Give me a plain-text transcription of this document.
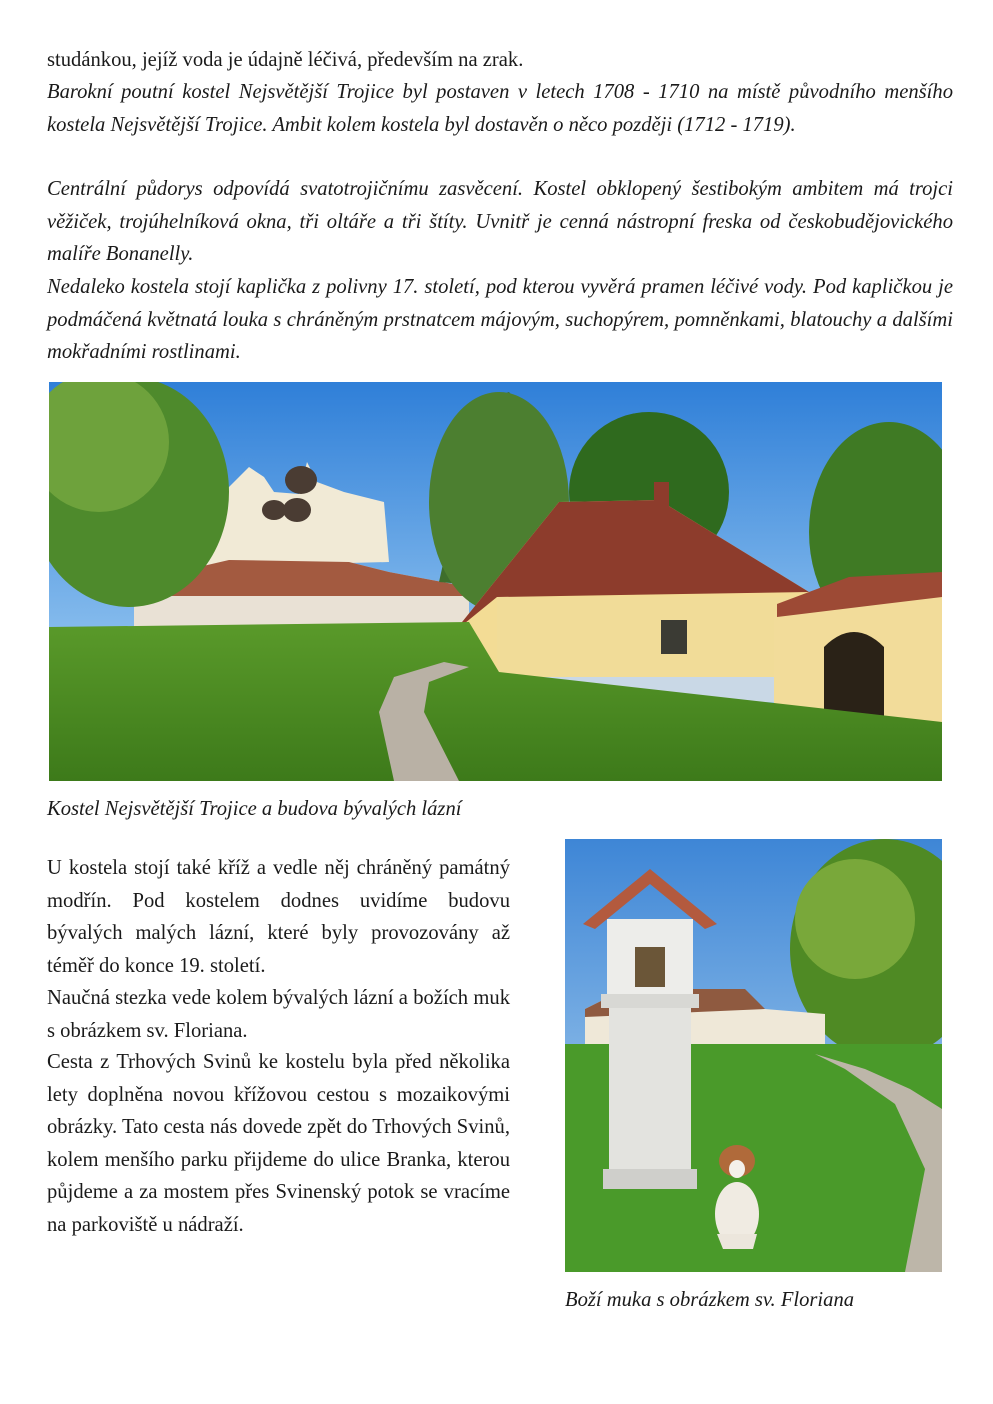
studánkou, jejíž voda je údajně léčivá, především na zrak.

Barokní poutní kostel Nejsvětější Trojice byl postaven v letech 1708 - 1710 na místě původního menšího kostela Nejsvětější Trojice. Ambit kolem kostela byl dostavěn o něco později (1712 - 1719).

Centrální půdorys odpovídá svatotrojičnímu zasvěcení. Kostel obklopený šestibokým ambitem má trojci věžiček, trojúhelníková okna, tři oltáře a tři štíty. Uvnitř je cenná nástropní freska od českobudějovického malíře Bonanelly.

Nedaleko kostela stojí kaplička z polivny 17. století, pod kterou vyvěrá pramen léčivé vody. Pod kapličkou je podmáčená květnatá louka s chráněným prstnatcem májovým, suchopýrem, pomněnkami, blatouchy a dalšími mokřadními rostlinami.

Kostel Nejsvětější Trojice a budova bývalých lázní

U kostela stojí také kříž a vedle něj chráněný památný modřín. Pod kostelem dodnes uvidíme budovu bývalých malých lázní, které byly provozovány až téměř do konce 19. století.

Naučná stezka vede kolem bývalých lázní a božích muk s obrázkem sv. Floriana.

Cesta z Trhových Svinů ke kostelu byla před několika lety doplněna novou křížovou cestou s mozaikovými obrázky. Tato cesta nás dovede zpět do Trhových Svinů, kolem menšího parku přijdeme do ulice Branka, kterou půjdeme a za mostem přes Svinenský potok se vracíme na parkoviště u nádraží.

Boží muka s obrázkem sv. Floriana
